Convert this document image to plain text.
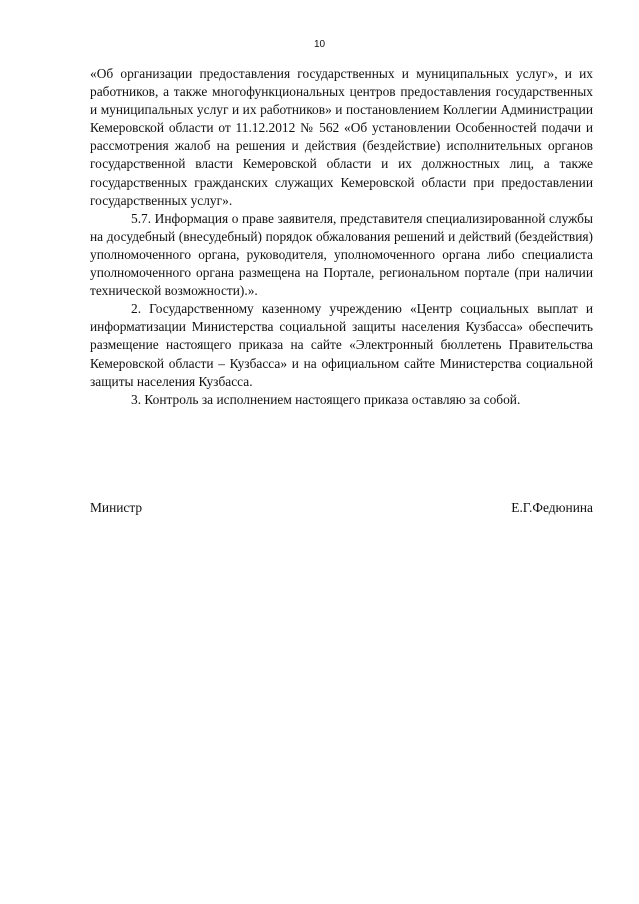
10

«Об организации предоставления государственных и муниципальных услуг», и их работников, а также многофункциональных центров предоставления государственных и муниципальных услуг и их работников» и постановлением Коллегии Администрации Кемеровской области от 11.12.2012 № 562 «Об установлении Особенностей подачи и рассмотрения жалоб на решения и действия (бездействие) исполнительных органов государственной власти Кемеровской области и их должностных лиц, а также государственных гражданских служащих Кемеровской области при предоставлении государственных услуг».

5.7. Информация о праве заявителя, представителя специализированной службы на досудебный (внесудебный) порядок обжалования решений и действий (бездействия) уполномоченного органа, руководителя, уполномоченного органа либо специалиста уполномоченного органа размещена на Портале, региональном портале (при наличии технической возможности).».

2. Государственному казенному учреждению «Центр социальных выплат и информатизации Министерства социальной защиты населения Кузбасса» обеспечить размещение настоящего приказа на сайте «Электронный бюллетень Правительства Кемеровской области – Кузбасса» и на официальном сайте Министерства социальной защиты населения Кузбасса.

3. Контроль за исполнением настоящего приказа оставляю за собой.

Министр	Е.Г.Федюнина
